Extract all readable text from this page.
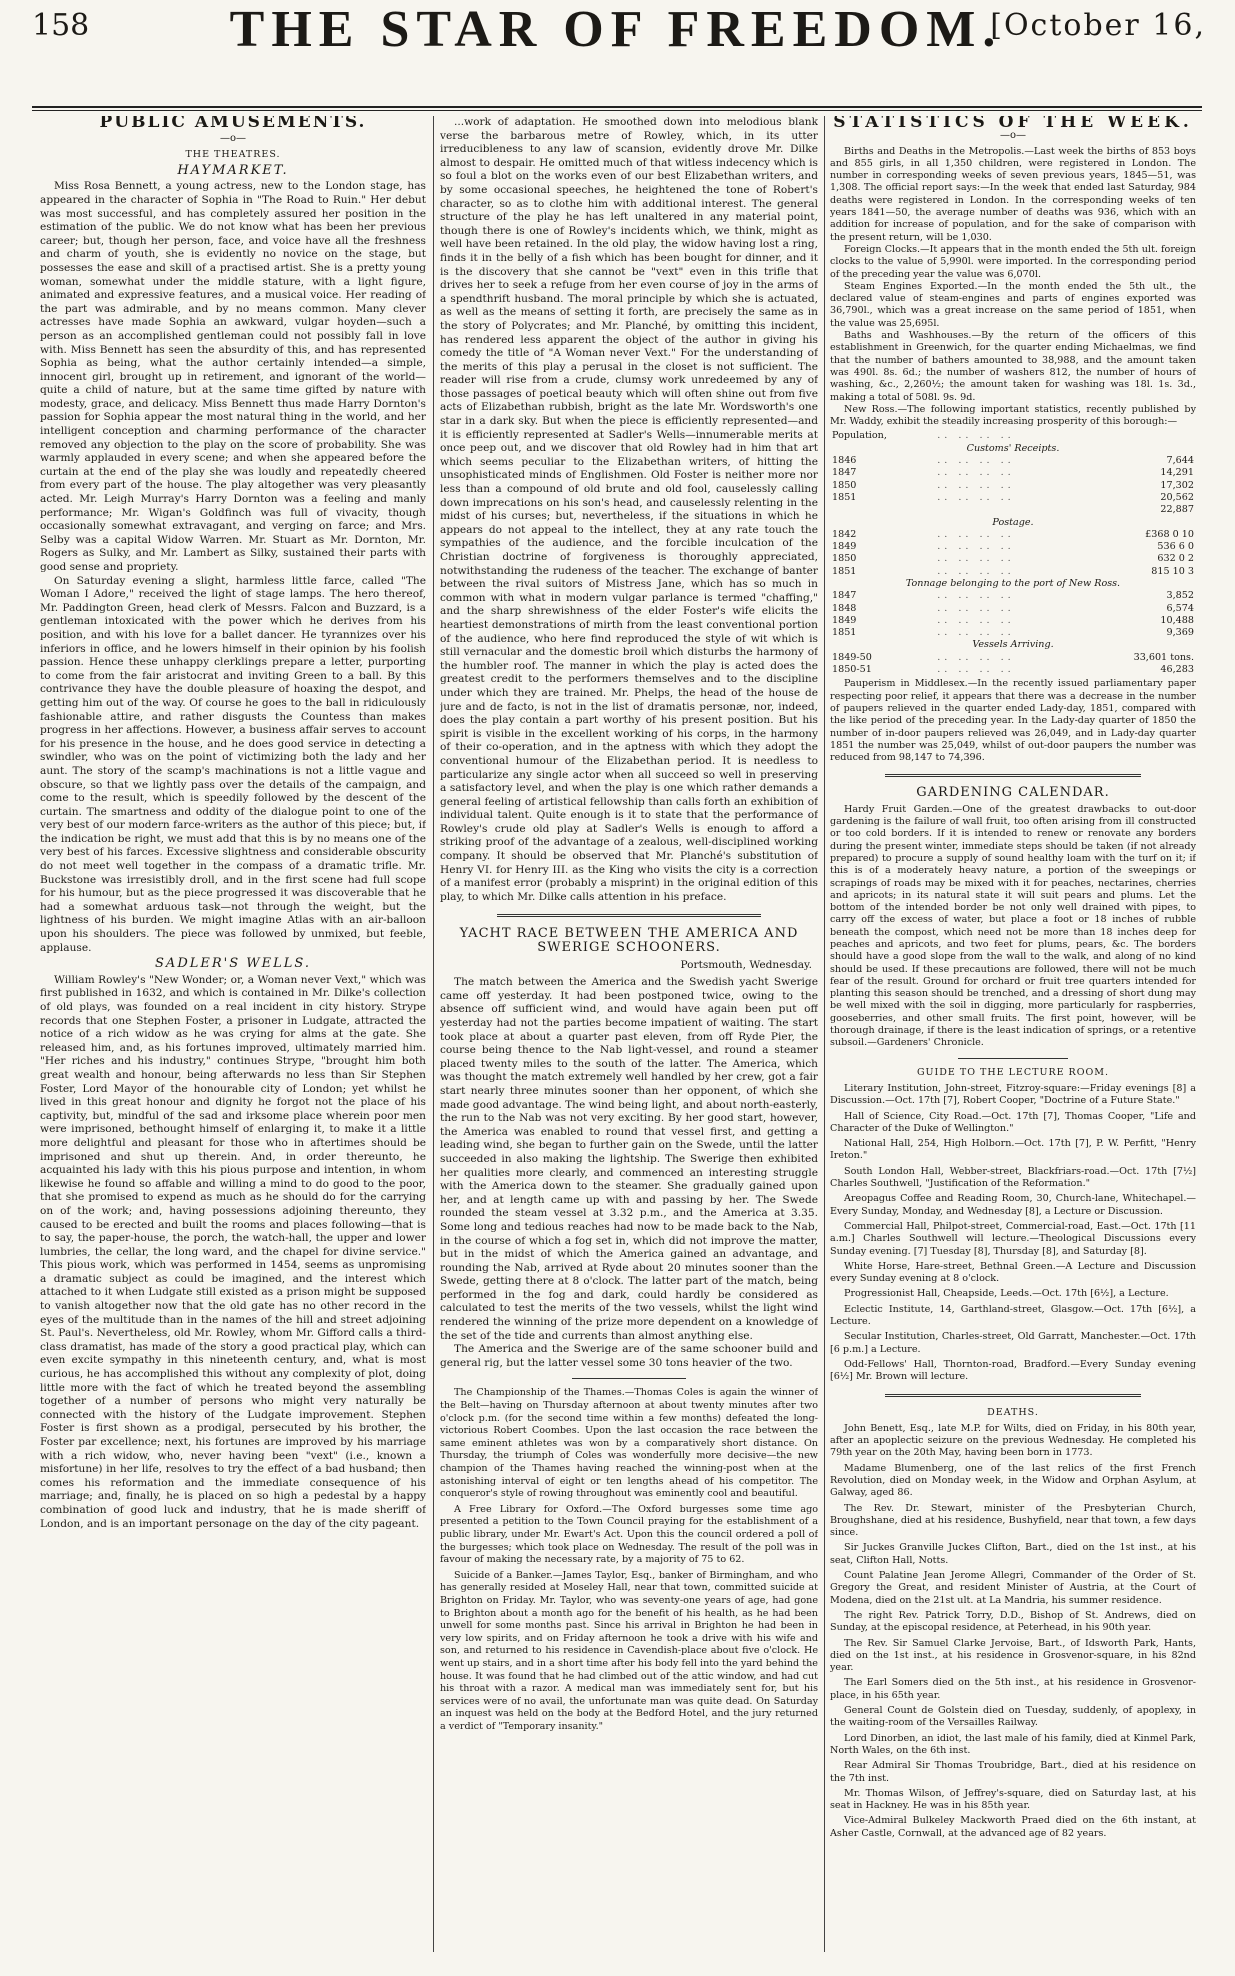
158	THE STAR OF FREEDOM.
[October 16,
PUBLIC AMUSEMENTS.
—o—
THE THEATRES.
HAYMARKET.

Miss Rosa Bennett, a young actress, new to the London stage, has appeared in the character of Sophia in "The Road to Ruin." Her debut was most successful, and has completely assured her position in the estimation of the public. We do not know what has been her previous career; but, though her person, face, and voice have all the freshness and charm of youth, she is evidently no novice on the stage, but possesses the ease and skill of a practised artist. She is a pretty young woman, somewhat under the middle stature, with a light figure, animated and expressive features, and a musical voice. Her reading of the part was admirable, and by no means common. Many clever actresses have made Sophia an awkward, vulgar hoyden—such a person as an accomplished gentleman could not possibly fall in love with. Miss Bennett has seen the absurdity of this, and has represented Sophia as being, what the author certainly intended—a simple, innocent girl, brought up in retirement, and ignorant of the world—quite a child of nature, but at the same time gifted by nature with modesty, grace, and delicacy. Miss Bennett thus made Harry Dornton's passion for Sophia appear the most natural thing in the world, and her intelligent conception and charming performance of the character removed any objection to the play on the score of probability. She was warmly applauded in every scene; and when she appeared before the curtain at the end of the play she was loudly and repeatedly cheered from every part of the house. The play altogether was very pleasantly acted. Mr. Leigh Murray's Harry Dornton was a feeling and manly performance; Mr. Wigan's Goldfinch was full of vivacity, though occasionally somewhat extravagant, and verging on farce; and Mrs. Selby was a capital Widow Warren. Mr. Stuart as Mr. Dornton, Mr. Rogers as Sulky, and Mr. Lambert as Silky, sustained their parts with good sense and propriety.

On Saturday evening a slight, harmless little farce, called "The Woman I Adore," received the light of stage lamps. The hero thereof, Mr. Paddington Green, head clerk of Messrs. Falcon and Buzzard, is a gentleman intoxicated with the power which he derives from his position, and with his love for a ballet dancer. He tyrannizes over his inferiors in office, and he lowers himself in their opinion by his foolish passion. Hence these unhappy clerklings prepare a letter, purporting to come from the fair aristocrat and inviting Green to a ball. By this contrivance they have the double pleasure of hoaxing the despot, and getting him out of the way. Of course he goes to the ball in ridiculously fashionable attire, and rather disgusts the Countess than makes progress in her affections. However, a business affair serves to account for his presence in the house, and he does good service in detecting a swindler, who was on the point of victimizing both the lady and her aunt. The story of the scamp's machinations is not a little vague and obscure, so that we lightly pass over the details of the campaign, and come to the result, which is speedily followed by the descent of the curtain. The smartness and oddity of the dialogue point to one of the very best of our modern farce-writers as the author of this piece; but, if the indication be right, we must add that this is by no means one of the very best of his farces. Excessive slightness and considerable obscurity do not meet well together in the compass of a dramatic trifle. Mr. Buckstone was irresistibly droll, and in the first scene had full scope for his humour, but as the piece progressed it was discoverable that he had a somewhat arduous task—not through the weight, but the lightness of his burden. We might imagine Atlas with an air-balloon upon his shoulders. The piece was followed by unmixed, but feeble, applause.

SADLER'S WELLS.

William Rowley's "New Wonder; or, a Woman never Vext," which was first published in 1632, and which is contained in Mr. Dilke's collection of old plays, was founded on a real incident in city history. Strype records that one Stephen Foster, a prisoner in Ludgate, attracted the notice of a rich widow as he was crying for alms at the gate. She released him, and, as his fortunes improved, ultimately married him. "Her riches and his industry," continues Strype, "brought him both great wealth and honour, being afterwards no less than Sir Stephen Foster, Lord Mayor of the honourable city of London; yet whilst he lived in this great honour and dignity he forgot not the place of his captivity, but, mindful of the sad and irksome place wherein poor men were imprisoned, bethought himself of enlarging it, to make it a little more delightful and pleasant for those who in aftertimes should be imprisoned and shut up therein. And, in order thereunto, he acquainted his lady with this his pious purpose and intention, in whom likewise he found so affable and willing a mind to do good to the poor, that she promised to expend as much as he should do for the carrying on of the work; and, having possessions adjoining thereunto, they caused to be erected and built the rooms and places following—that is to say, the paper-house, the porch, the watch-hall, the upper and lower lumbries, the cellar, the long ward, and the chapel for divine service." This pious work, which was performed in 1454, seems as unpromising a dramatic subject as could be imagined, and the interest which attached to it when Ludgate still existed as a prison might be supposed to vanish altogether now that the old gate has no other record in the eyes of the multitude than in the names of the hill and street adjoining St. Paul's. Nevertheless, old Mr. Rowley, whom Mr. Gifford calls a third-class dramatist, has made of the story a good practical play, which can even excite sympathy in this nineteenth century, and, what is most curious, he has accomplished this without any complexity of plot, doing little more with the fact of which he treated beyond the assembling together of a number of persons who might very naturally be connected with the history of the Ludgate improvement. Stephen Foster is first shown as a prodigal, persecuted by his brother, the Foster par excellence; next, his fortunes are improved by his marriage with a rich widow, who, never having been "vext" (i.e., known a misfortune) in her life, resolves to try the effect of a bad husband; then comes his reformation and the immediate consequence of his marriage; and, finally, he is placed on so high a pedestal by a happy combination of good luck and industry, that he is made sheriff of London, and is an important personage on the day of the city pageant.

...work of adaptation. He smoothed down into melodious blank verse the barbarous metre of Rowley, which, in its utter irreducibleness to any law of scansion, evidently drove Mr. Dilke almost to despair. He omitted much of that witless indecency which is so foul a blot on the works even of our best Elizabethan writers, and by some occasional speeches, he heightened the tone of Robert's character, so as to clothe him with additional interest. The general structure of the play he has left unaltered in any material point, though there is one of Rowley's incidents which, we think, might as well have been retained. In the old play, the widow having lost a ring, finds it in the belly of a fish which has been bought for dinner, and it is the discovery that she cannot be "vext" even in this trifle that drives her to seek a refuge from her even course of joy in the arms of a spendthrift husband. The moral principle by which she is actuated, as well as the means of setting it forth, are precisely the same as in the story of Polycrates; and Mr. Planché, by omitting this incident, has rendered less apparent the object of the author in giving his comedy the title of "A Woman never Vext." For the understanding of the merits of this play a perusal in the closet is not sufficient. The reader will rise from a crude, clumsy work unredeemed by any of those passages of poetical beauty which will often shine out from five acts of Elizabethan rubbish, bright as the late Mr. Wordsworth's one star in a dark sky. But when the piece is efficiently represented—and it is efficiently represented at Sadler's Wells—innumerable merits at once peep out, and we discover that old Rowley had in him that art which seems peculiar to the Elizabethan writers, of hitting the unsophisticated minds of Englishmen. Old Foster is neither more nor less than a compound of old brute and old fool, causelessly calling down imprecations on his son's head, and causelessly relenting in the midst of his curses; but, nevertheless, if the situations in which he appears do not appeal to the intellect, they at any rate touch the sympathies of the audience, and the forcible inculcation of the Christian doctrine of forgiveness is thoroughly appreciated, notwithstanding the rudeness of the teacher. The exchange of banter between the rival suitors of Mistress Jane, which has so much in common with what in modern vulgar parlance is termed "chaffing," and the sharp shrewishness of the elder Foster's wife elicits the heartiest demonstrations of mirth from the least conventional portion of the audience, who here find reproduced the style of wit which is still vernacular and the domestic broil which disturbs the harmony of the humbler roof. The manner in which the play is acted does the greatest credit to the performers themselves and to the discipline under which they are trained. Mr. Phelps, the head of the house de jure and de facto, is not in the list of dramatis personæ, nor, indeed, does the play contain a part worthy of his present position. But his spirit is visible in the excellent working of his corps, in the harmony of their co-operation, and in the aptness with which they adopt the conventional humour of the Elizabethan period. It is needless to particularize any single actor when all succeed so well in preserving a satisfactory level, and when the play is one which rather demands a general feeling of artistical fellowship than calls forth an exhibition of individual talent. Quite enough is it to state that the performance of Rowley's crude old play at Sadler's Wells is enough to afford a striking proof of the advantage of a zealous, well-disciplined working company. It should be observed that Mr. Planché's substitution of Henry VI. for Henry III. as the King who visits the city is a correction of a manifest error (probably a misprint) in the original edition of this play, to which Mr. Dilke calls attention in his preface.

YACHT RACE BETWEEN THE AMERICA AND SWERIGE SCHOONERS.
Portsmouth, Wednesday.

The match between the America and the Swedish yacht Swerige came off yesterday. It had been postponed twice, owing to the absence off sufficient wind, and would have again been put off yesterday had not the parties become impatient of waiting. The start took place at about a quarter past eleven, from off Ryde Pier, the course being thence to the Nab light-vessel, and round a steamer placed twenty miles to the south of the latter. The America, which was thought the match extremely well handled by her crew, got a fair start nearly three minutes sooner than her opponent, of which she made good advantage. The wind being light, and about north-easterly, the run to the Nab was not very exciting. By her good start, however, the America was enabled to round that vessel first, and getting a leading wind, she began to further gain on the Swede, until the latter succeeded in also making the lightship. The Swerige then exhibited her qualities more clearly, and commenced an interesting struggle with the America down to the steamer. She gradually gained upon her, and at length came up with and passing by her. The Swede rounded the steam vessel at 3.32 p.m., and the America at 3.35. Some long and tedious reaches had now to be made back to the Nab, in the course of which a fog set in, which did not improve the matter, but in the midst of which the America gained an advantage, and rounding the Nab, arrived at Ryde about 20 minutes sooner than the Swede, getting there at 8 o'clock. The latter part of the match, being performed in the fog and dark, could hardly be considered as calculated to test the merits of the two vessels, whilst the light wind rendered the winning of the prize more dependent on a knowledge of the set of the tide and currents than almost anything else.

The America and the Swerige are of the same schooner build and general rig, but the latter vessel some 30 tons heavier of the two.

The Championship of the Thames.—Thomas Coles is again the winner of the Belt—having on Thursday afternoon at about twenty minutes after two o'clock p.m. (for the second time within a few months) defeated the long-victorious Robert Coombes. Upon the last occasion the race between the same eminent athletes was won by a comparatively short distance. On Thursday, the triumph of Coles was wonderfully more decisive—the new champion of the Thames having reached the winning-post when at the astonishing interval of eight or ten lengths ahead of his competitor. The conqueror's style of rowing throughout was eminently cool and beautiful.

A Free Library for Oxford.—The Oxford burgesses some time ago presented a petition to the Town Council praying for the establishment of a public library, under Mr. Ewart's Act. Upon this the council ordered a poll of the burgesses; which took place on Wednesday. The result of the poll was in favour of making the necessary rate, by a majority of 75 to 62.

Suicide of a Banker.—James Taylor, Esq., banker of Birmingham, and who has generally resided at Moseley Hall, near that town, committed suicide at Brighton on Friday. Mr. Taylor, who was seventy-one years of age, had gone to Brighton about a month ago for the benefit of his health, as he had been unwell for some months past. Since his arrival in Brighton he had been in very low spirits, and on Friday afternoon he took a drive with his wife and son, and returned to his residence in Cavendish-place about five o'clock. He went up stairs, and in a short time after his body fell into the yard behind the house. It was found that he had climbed out of the attic window, and had cut his throat with a razor. A medical man was immediately sent for, but his services were of no avail, the unfortunate man was quite dead. On Saturday an inquest was held on the body at the Bedford Hotel, and the jury returned a verdict of "Temporary insanity."

STATISTICS OF THE WEEK.
—o—

Births and Deaths in the Metropolis.—Last week the births of 853 boys and 855 girls, in all 1,350 children, were registered in London. The number in corresponding weeks of seven previous years, 1845—51, was 1,308. The official report says:—In the week that ended last Saturday, 984 deaths were registered in London. In the corresponding weeks of ten years 1841—50, the average number of deaths was 936, which with an addition for increase of population, and for the sake of comparison with the present return, will be 1,030.

Foreign Clocks.—It appears that in the month ended the 5th ult. foreign clocks to the value of 5,990l. were imported. In the corresponding period of the preceding year the value was 6,070l.

Steam Engines Exported.—In the month ended the 5th ult., the declared value of steam-engines and parts of engines exported was 36,790l., which was a great increase on the same period of 1851, when the value was 25,695l.

Baths and Washhouses.—By the return of the officers of this establishment in Greenwich, for the quarter ending Michaelmas, we find that the number of bathers amounted to 38,988, and the amount taken was 490l. 8s. 6d.; the number of washers 812, the number of hours of washing, &c., 2,260½; the amount taken for washing was 18l. 1s. 3d., making a total of 508l. 9s. 9d.

New Ross.—The following important statistics, recently published by Mr. Waddy, exhibit the steadily increasing prosperity of this borough:—

Population,	.. .. .. ..	
Customs' Receipts.		
1846	.. .. .. ..	7,644
1847	.. .. .. ..	14,291
1850	.. .. .. ..	17,302
1851	.. .. .. ..	20,562
		22,887
Postage.		
1842	.. .. .. ..	£368 0 10
1849	.. .. .. ..	536 6 0
1850	.. .. .. ..	632 0 2
1851	.. .. .. ..	815 10 3
Tonnage belonging to the port of New Ross.		
1847	.. .. .. ..	3,852
1848	.. .. .. ..	6,574
1849	.. .. .. ..	10,488
1851	.. .. .. ..	9,369
Vessels Arriving.		
1849-50	.. .. .. ..	33,601 tons.
1850-51	.. .. .. ..	46,283

Pauperism in Middlesex.—In the recently issued parliamentary paper respecting poor relief, it appears that there was a decrease in the number of paupers relieved in the quarter ended Lady-day, 1851, compared with the like period of the preceding year. In the Lady-day quarter of 1850 the number of in-door paupers relieved was 26,049, and in Lady-day quarter 1851 the number was 25,049, whilst of out-door paupers the number was reduced from 98,147 to 74,396.

GARDENING CALENDAR.

Hardy Fruit Garden.—One of the greatest drawbacks to out-door gardening is the failure of wall fruit, too often arising from ill constructed or too cold borders. If it is intended to renew or renovate any borders during the present winter, immediate steps should be taken (if not already prepared) to procure a supply of sound healthy loam with the turf on it; if this is of a moderately heavy nature, a portion of the sweepings or scrapings of roads may be mixed with it for peaches, nectarines, cherries and apricots; in its natural state it will suit pears and plums. Let the bottom of the intended border be not only well drained with pipes, to carry off the excess of water, but place a foot or 18 inches of rubble beneath the compost, which need not be more than 18 inches deep for peaches and apricots, and two feet for plums, pears, &c. The borders should have a good slope from the wall to the walk, and along of no kind should be used. If these precautions are followed, there will not be much fear of the result. Ground for orchard or fruit tree quarters intended for planting this season should be trenched, and a dressing of short dung may be well mixed with the soil in digging, more particularly for raspberries, gooseberries, and other small fruits. The first point, however, will be thorough drainage, if there is the least indication of springs, or a retentive subsoil.—Gardeners' Chronicle.

GUIDE TO THE LECTURE ROOM.

Literary Institution, John-street, Fitzroy-square:—Friday evenings [8] a Discussion.—Oct. 17th [7], Robert Cooper, "Doctrine of a Future State."

Hall of Science, City Road.—Oct. 17th [7], Thomas Cooper, "Life and Character of the Duke of Wellington."

National Hall, 254, High Holborn.—Oct. 17th [7], P. W. Perfitt, "Henry Ireton."

South London Hall, Webber-street, Blackfriars-road.—Oct. 17th [7½] Charles Southwell, "Justification of the Reformation."

Areopagus Coffee and Reading Room, 30, Church-lane, Whitechapel.—Every Sunday, Monday, and Wednesday [8], a Lecture or Discussion.

Commercial Hall, Philpot-street, Commercial-road, East.—Oct. 17th [11 a.m.] Charles Southwell will lecture.—Theological Discussions every Sunday evening. [7] Tuesday [8], Thursday [8], and Saturday [8].

White Horse, Hare-street, Bethnal Green.—A Lecture and Discussion every Sunday evening at 8 o'clock.

Progressionist Hall, Cheapside, Leeds.—Oct. 17th [6½], a Lecture.

Eclectic Institute, 14, Garthland-street, Glasgow.—Oct. 17th [6½], a Lecture.

Secular Institution, Charles-street, Old Garratt, Manchester.—Oct. 17th [6 p.m.] a Lecture.

Odd-Fellows' Hall, Thornton-road, Bradford.—Every Sunday evening [6½] Mr. Brown will lecture.

DEATHS.

John Benett, Esq., late M.P. for Wilts, died on Friday, in his 80th year, after an apoplectic seizure on the previous Wednesday. He completed his 79th year on the 20th May, having been born in 1773.

Madame Blumenberg, one of the last relics of the first French Revolution, died on Monday week, in the Widow and Orphan Asylum, at Galway, aged 86.

The Rev. Dr. Stewart, minister of the Presbyterian Church, Broughshane, died at his residence, Bushyfield, near that town, a few days since.

Sir Juckes Granville Juckes Clifton, Bart., died on the 1st inst., at his seat, Clifton Hall, Notts.

Count Palatine Jean Jerome Allegri, Commander of the Order of St. Gregory the Great, and resident Minister of Austria, at the Court of Modena, died on the 21st ult. at La Mandria, his summer residence.

The right Rev. Patrick Torry, D.D., Bishop of St. Andrews, died on Sunday, at the episcopal residence, at Peterhead, in his 90th year.

The Rev. Sir Samuel Clarke Jervoise, Bart., of Idsworth Park, Hants, died on the 1st inst., at his residence in Grosvenor-square, in his 82nd year.

The Earl Somers died on the 5th inst., at his residence in Grosvenor-place, in his 65th year.

General Count de Golstein died on Tuesday, suddenly, of apoplexy, in the waiting-room of the Versailles Railway.

Lord Dinorben, an idiot, the last male of his family, died at Kinmel Park, North Wales, on the 6th inst.

Rear Admiral Sir Thomas Troubridge, Bart., died at his residence on the 7th inst.

Mr. Thomas Wilson, of Jeffrey's-square, died on Saturday last, at his seat in Hackney. He was in his 85th year.

Vice-Admiral Bulkeley Mackworth Praed died on the 6th instant, at Asher Castle, Cornwall, at the advanced age of 82 years.
